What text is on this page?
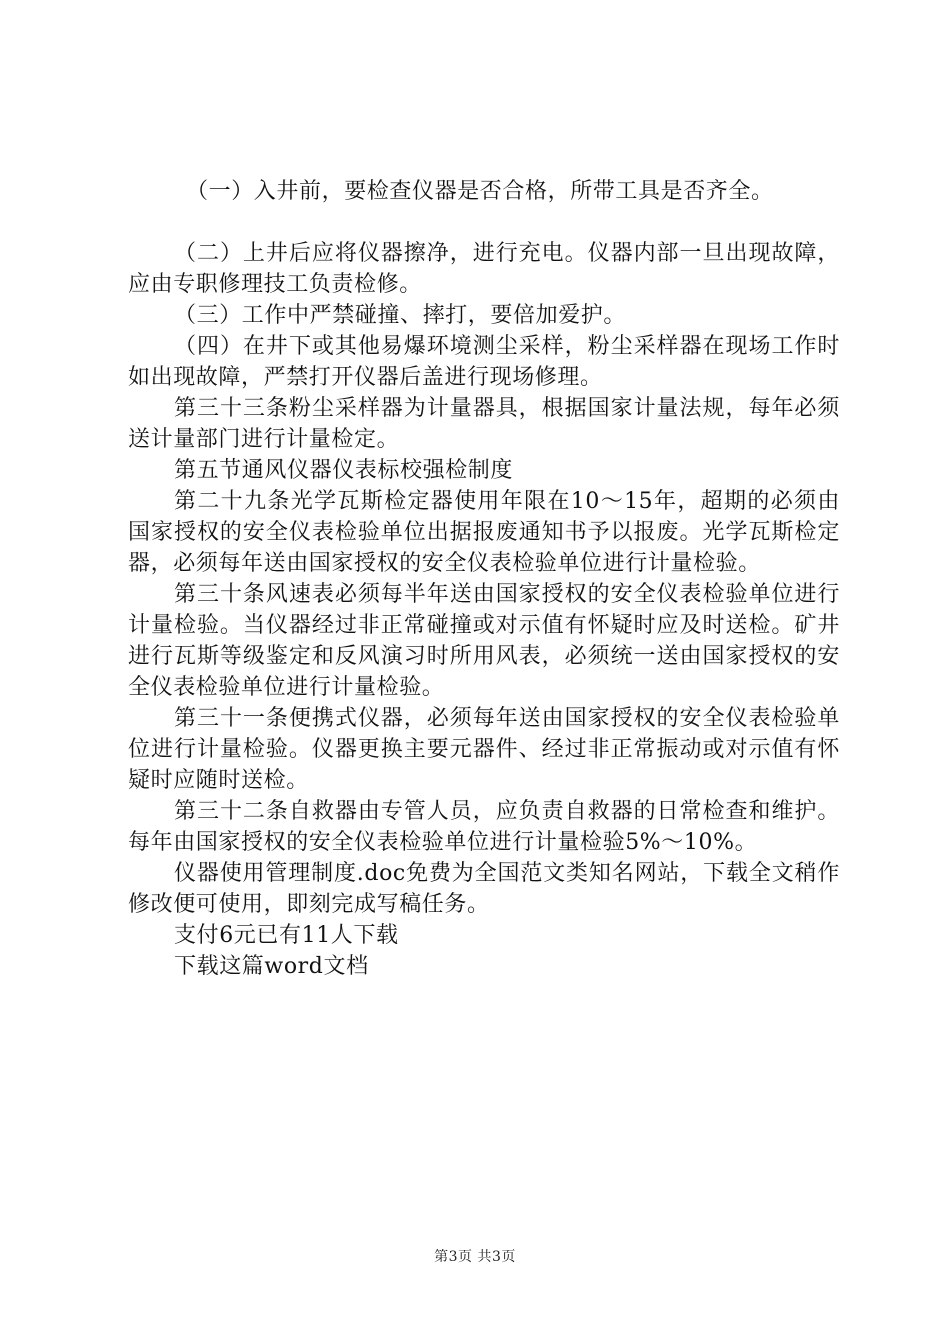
（一）入井前，要检查仪器是否合格，所带工具是否齐全。

（二）上井后应将仪器擦净，进行充电。仪器内部一旦出现故障，应由专职修理技工负责检修。

（三）工作中严禁碰撞、摔打，要倍加爱护。

（四）在井下或其他易爆环境测尘采样，粉尘采样器在现场工作时如出现故障，严禁打开仪器后盖进行现场修理。

第三十三条粉尘采样器为计量器具，根据国家计量法规，每年必须送计量部门进行计量检定。

第五节通风仪器仪表标校强检制度

第二十九条光学瓦斯检定器使用年限在10～15年，超期的必须由国家授权的安全仪表检验单位出据报废通知书予以报废。光学瓦斯检定器，必须每年送由国家授权的安全仪表检验单位进行计量检验。

第三十条风速表必须每半年送由国家授权的安全仪表检验单位进行计量检验。当仪器经过非正常碰撞或对示值有怀疑时应及时送检。矿井进行瓦斯等级鉴定和反风演习时所用风表，必须统一送由国家授权的安全仪表检验单位进行计量检验。

第三十一条便携式仪器，必须每年送由国家授权的安全仪表检验单位进行计量检验。仪器更换主要元器件、经过非正常振动或对示值有怀疑时应随时送检。

第三十二条自救器由专管人员，应负责自救器的日常检查和维护。每年由国家授权的安全仪表检验单位进行计量检验5%～10%。

仪器使用管理制度.doc免费为全国范文类知名网站，下载全文稍作修改便可使用，即刻完成写稿任务。

支付6元已有11人下载

下载这篇word文档

第3页 共3页
